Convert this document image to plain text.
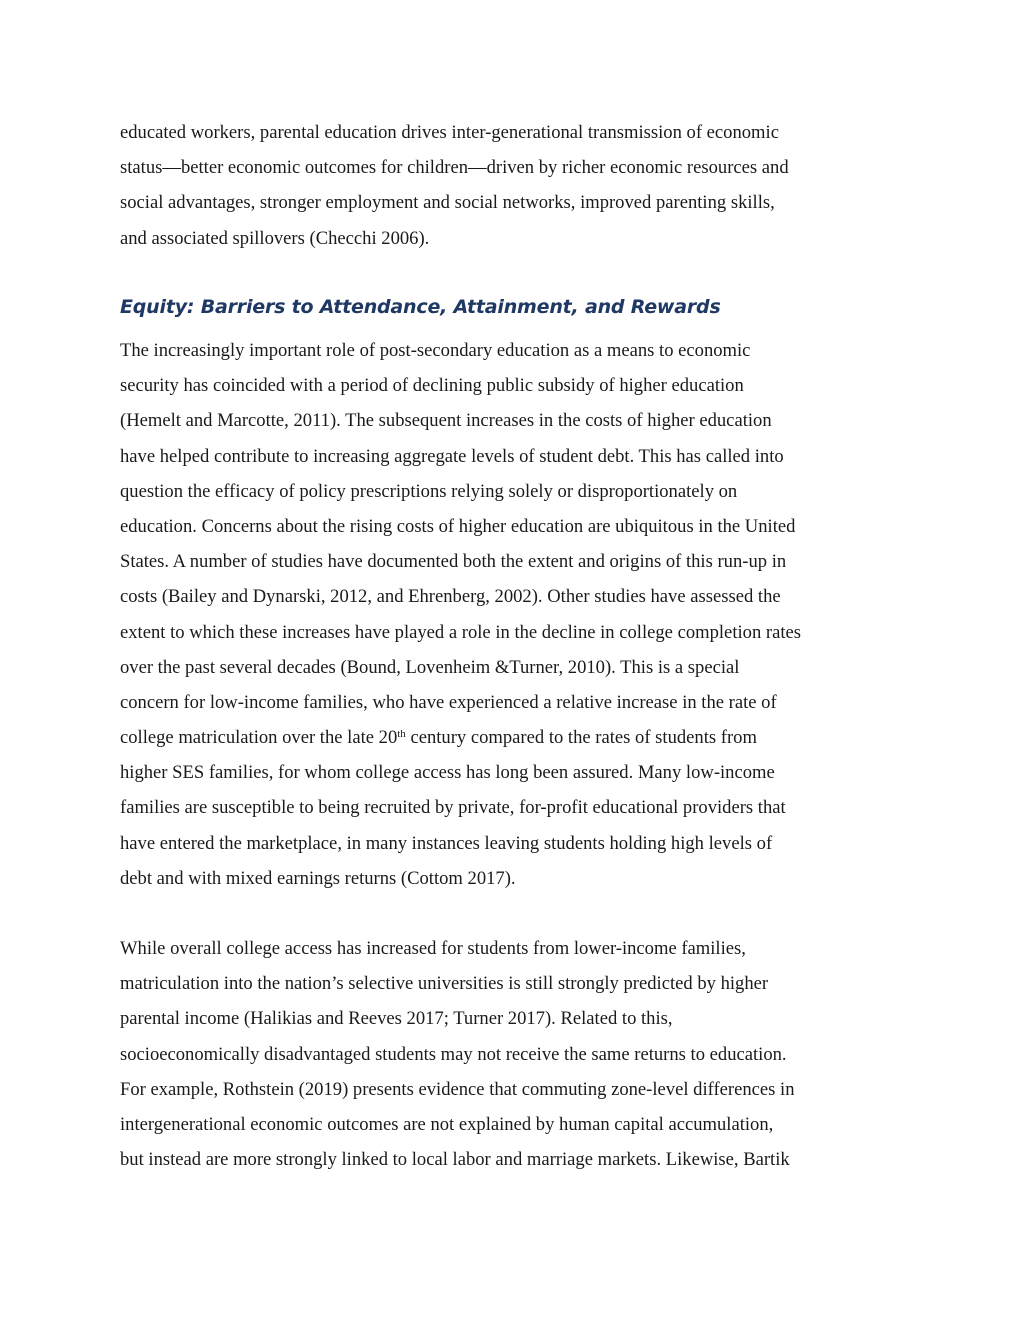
educated workers, parental education drives inter-generational transmission of economic
status—better economic outcomes for children—driven by richer economic resources and
social advantages, stronger employment and social networks, improved parenting skills,
and associated spillovers (Checchi 2006).
Equity: Barriers to Attendance, Attainment, and Rewards
The increasingly important role of post-secondary education as a means to economic
security has coincided with a period of declining public subsidy of higher education
(Hemelt and Marcotte, 2011). The subsequent increases in the costs of higher education
have helped contribute to increasing aggregate levels of student debt. This has called into
question the efficacy of policy prescriptions relying solely or disproportionately on
education. Concerns about the rising costs of higher education are ubiquitous in the United
States. A number of studies have documented both the extent and origins of this run-up in
costs (Bailey and Dynarski, 2012, and Ehrenberg, 2002). Other studies have assessed the
extent to which these increases have played a role in the decline in college completion rates
over the past several decades (Bound, Lovenheim &Turner, 2010). This is a special
concern for low-income families, who have experienced a relative increase in the rate of
college matriculation over the late 20th century compared to the rates of students from
higher SES families, for whom college access has long been assured. Many low-income
families are susceptible to being recruited by private, for-profit educational providers that
have entered the marketplace, in many instances leaving students holding high levels of
debt and with mixed earnings returns (Cottom 2017).
While overall college access has increased for students from lower-income families,
matriculation into the nation’s selective universities is still strongly predicted by higher
parental income (Halikias and Reeves 2017; Turner 2017). Related to this,
socioeconomically disadvantaged students may not receive the same returns to education.
For example, Rothstein (2019) presents evidence that commuting zone-level differences in
intergenerational economic outcomes are not explained by human capital accumulation,
but instead are more strongly linked to local labor and marriage markets. Likewise, Bartik
